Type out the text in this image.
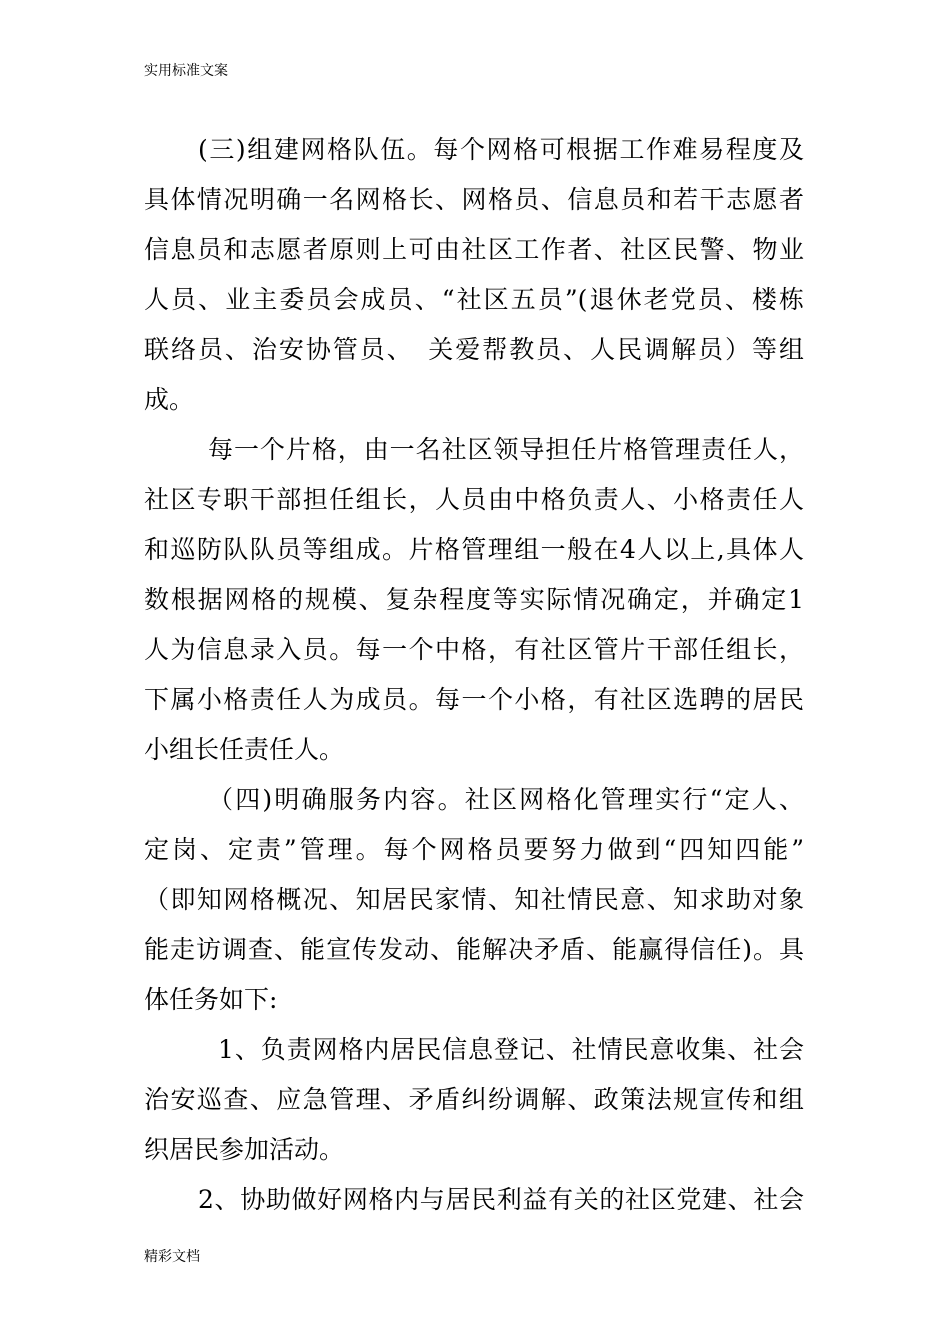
实用标准文案
(三)组建网格队伍。每个网格可根据工作难易程度及
具体情况明确一名网格长、网格员、信息员和若干志愿者
信息员和志愿者原则上可由社区工作者、社区民警、物业
人员、业主委员会成员、“社区五员”(退休老党员、楼栋
联络员、治安协管员、　关爱帮教员、人民调解员）等组
成。
每一个片格，由一名社区领导担任片格管理责任人，
社区专职干部担任组长，人员由中格负责人、小格责任人
和巡防队队员等组成。片格管理组一般在4人以上,具体人
数根据网格的规模、复杂程度等实际情况确定，并确定1
人为信息录入员。每一个中格，有社区管片干部任组长，
下属小格责任人为成员。每一个小格，有社区选聘的居民
小组长任责任人。
（四)明确服务内容。社区网格化管理实行“定人、
定岗、定责”管理。每个网格员要努力做到“四知四能”
（即知网格概况、知居民家情、知社情民意、知求助对象
能走访调查、能宣传发动、能解决矛盾、能赢得信任)。具
体任务如下:
1、负责网格内居民信息登记、社情民意收集、社会
治安巡查、应急管理、矛盾纠纷调解、政策法规宣传和组
织居民参加活动。
2、协助做好网格内与居民利益有关的社区党建、社会
精彩文档
